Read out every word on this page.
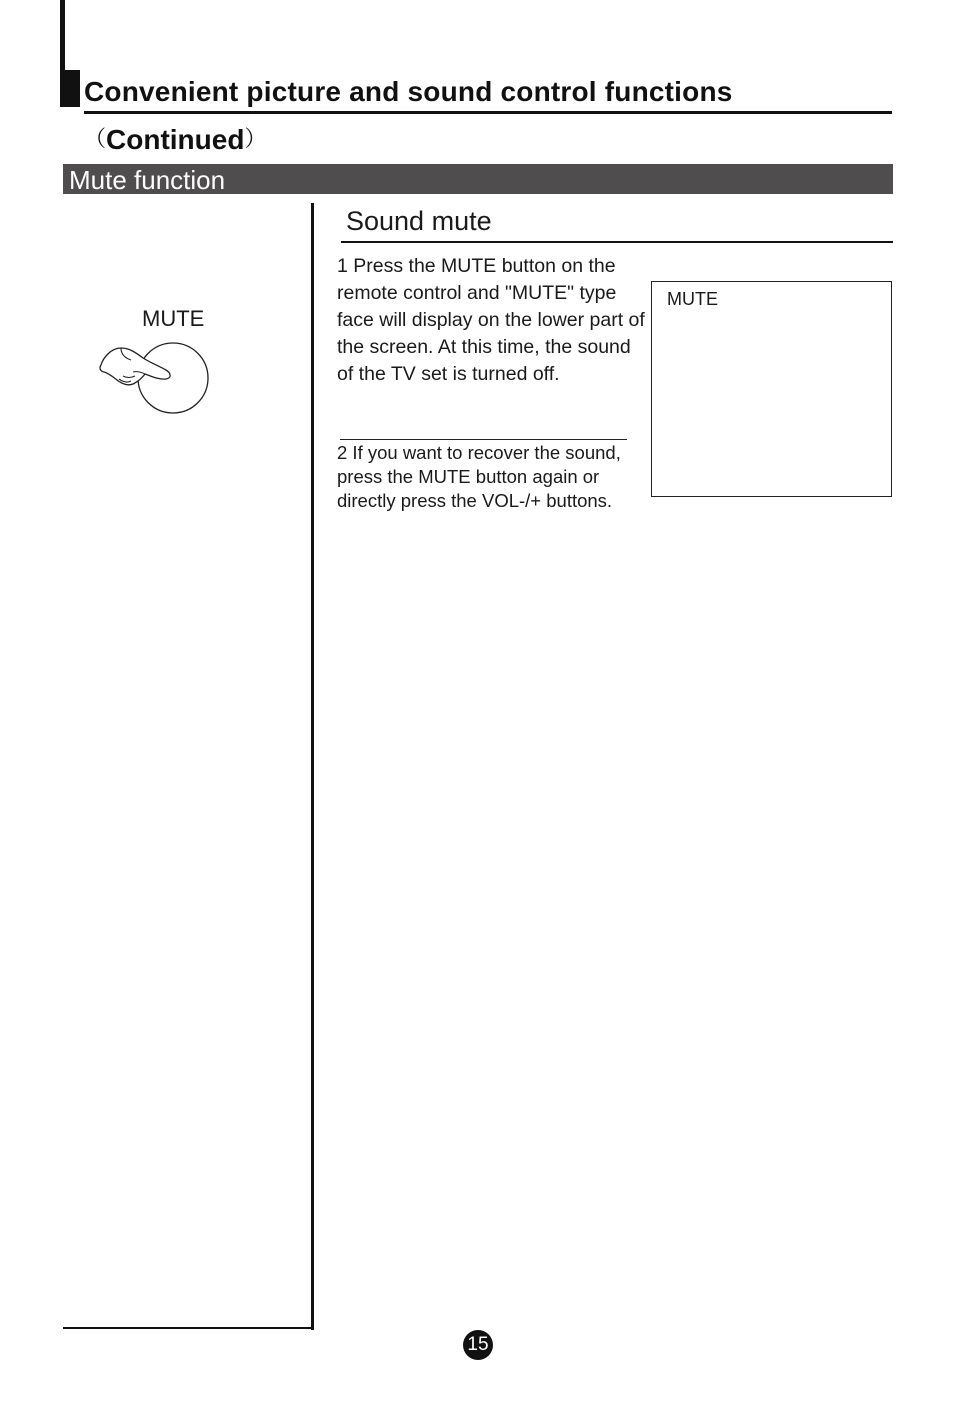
Convenient picture and sound control functions
（Continued）
Mute function
MUTE
Sound mute
1 Press the MUTE button on the remote control and "MUTE" type face will display on the lower part of the screen. At this time, the sound of the TV set is turned off.
2 If you want to recover the sound, press the MUTE button again or directly press the VOL-/+ buttons.
MUTE
15
